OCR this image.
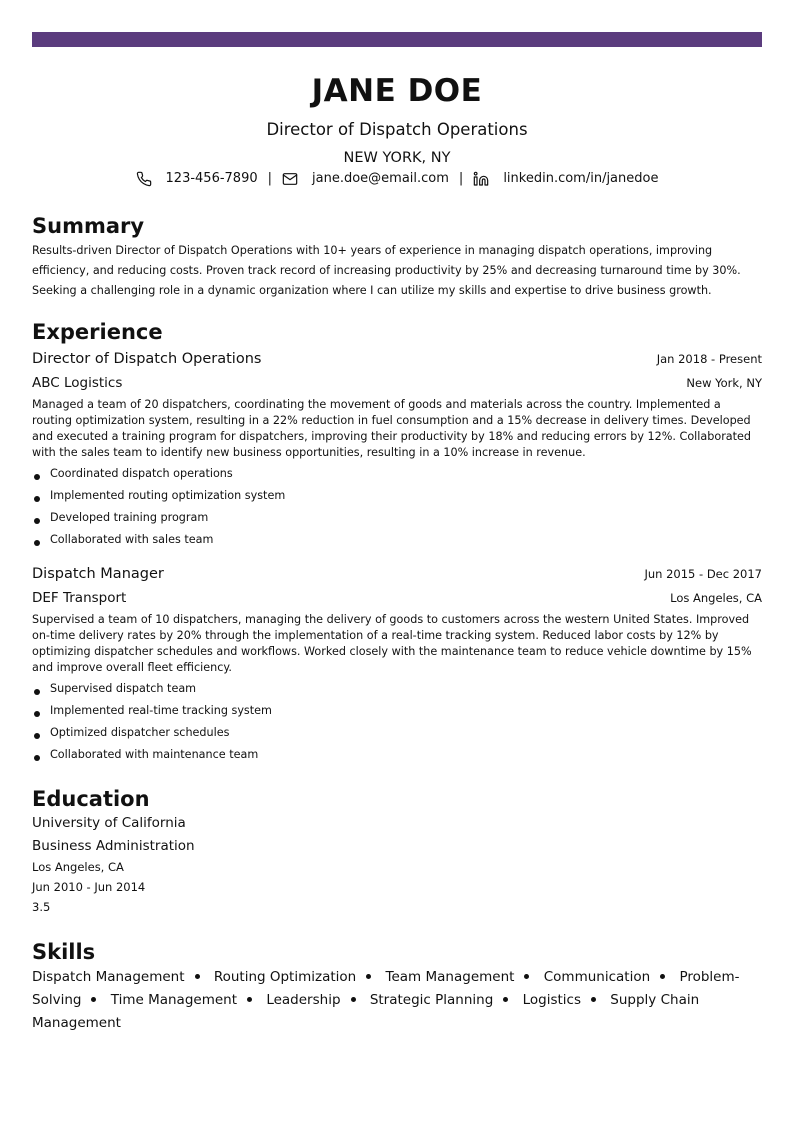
JANE DOE
Director of Dispatch Operations
NEW YORK, NY
123-456-7890 |	jane.doe@email.com |	linkedin.com/in/janedoe
Summary
Results-driven Director of Dispatch Operations with 10+ years of experience in managing dispatch operations, improving efficiency, and reducing costs. Proven track record of increasing productivity by 25% and decreasing turnaround time by 30%. Seeking a challenging role in a dynamic organization where I can utilize my skills and expertise to drive business growth.
Experience
Director of Dispatch Operations	Jan 2018 - Present
ABC Logistics	New York, NY
Managed a team of 20 dispatchers, coordinating the movement of goods and materials across the country. Implemented a routing optimization system, resulting in a 22% reduction in fuel consumption and a 15% decrease in delivery times. Developed and executed a training program for dispatchers, improving their productivity by 18% and reducing errors by 12%. Collaborated with the sales team to identify new business opportunities, resulting in a 10% increase in revenue.
Coordinated dispatch operations
Implemented routing optimization system
Developed training program
Collaborated with sales team
Dispatch Manager	Jun 2015 - Dec 2017
DEF Transport	Los Angeles, CA
Supervised a team of 10 dispatchers, managing the delivery of goods to customers across the western United States. Improved on-time delivery rates by 20% through the implementation of a real-time tracking system. Reduced labor costs by 12% by optimizing dispatcher schedules and workflows. Worked closely with the maintenance team to reduce vehicle downtime by 15% and improve overall fleet efficiency.
Supervised dispatch team
Implemented real-time tracking system
Optimized dispatcher schedules
Collaborated with maintenance team
Education
University of California
Business Administration
Los Angeles, CA
Jun 2010 - Jun 2014
3.5
Skills
Dispatch Management Routing Optimization Team Management Communication Problem-Solving Time Management Leadership Strategic Planning Logistics Supply Chain Management
